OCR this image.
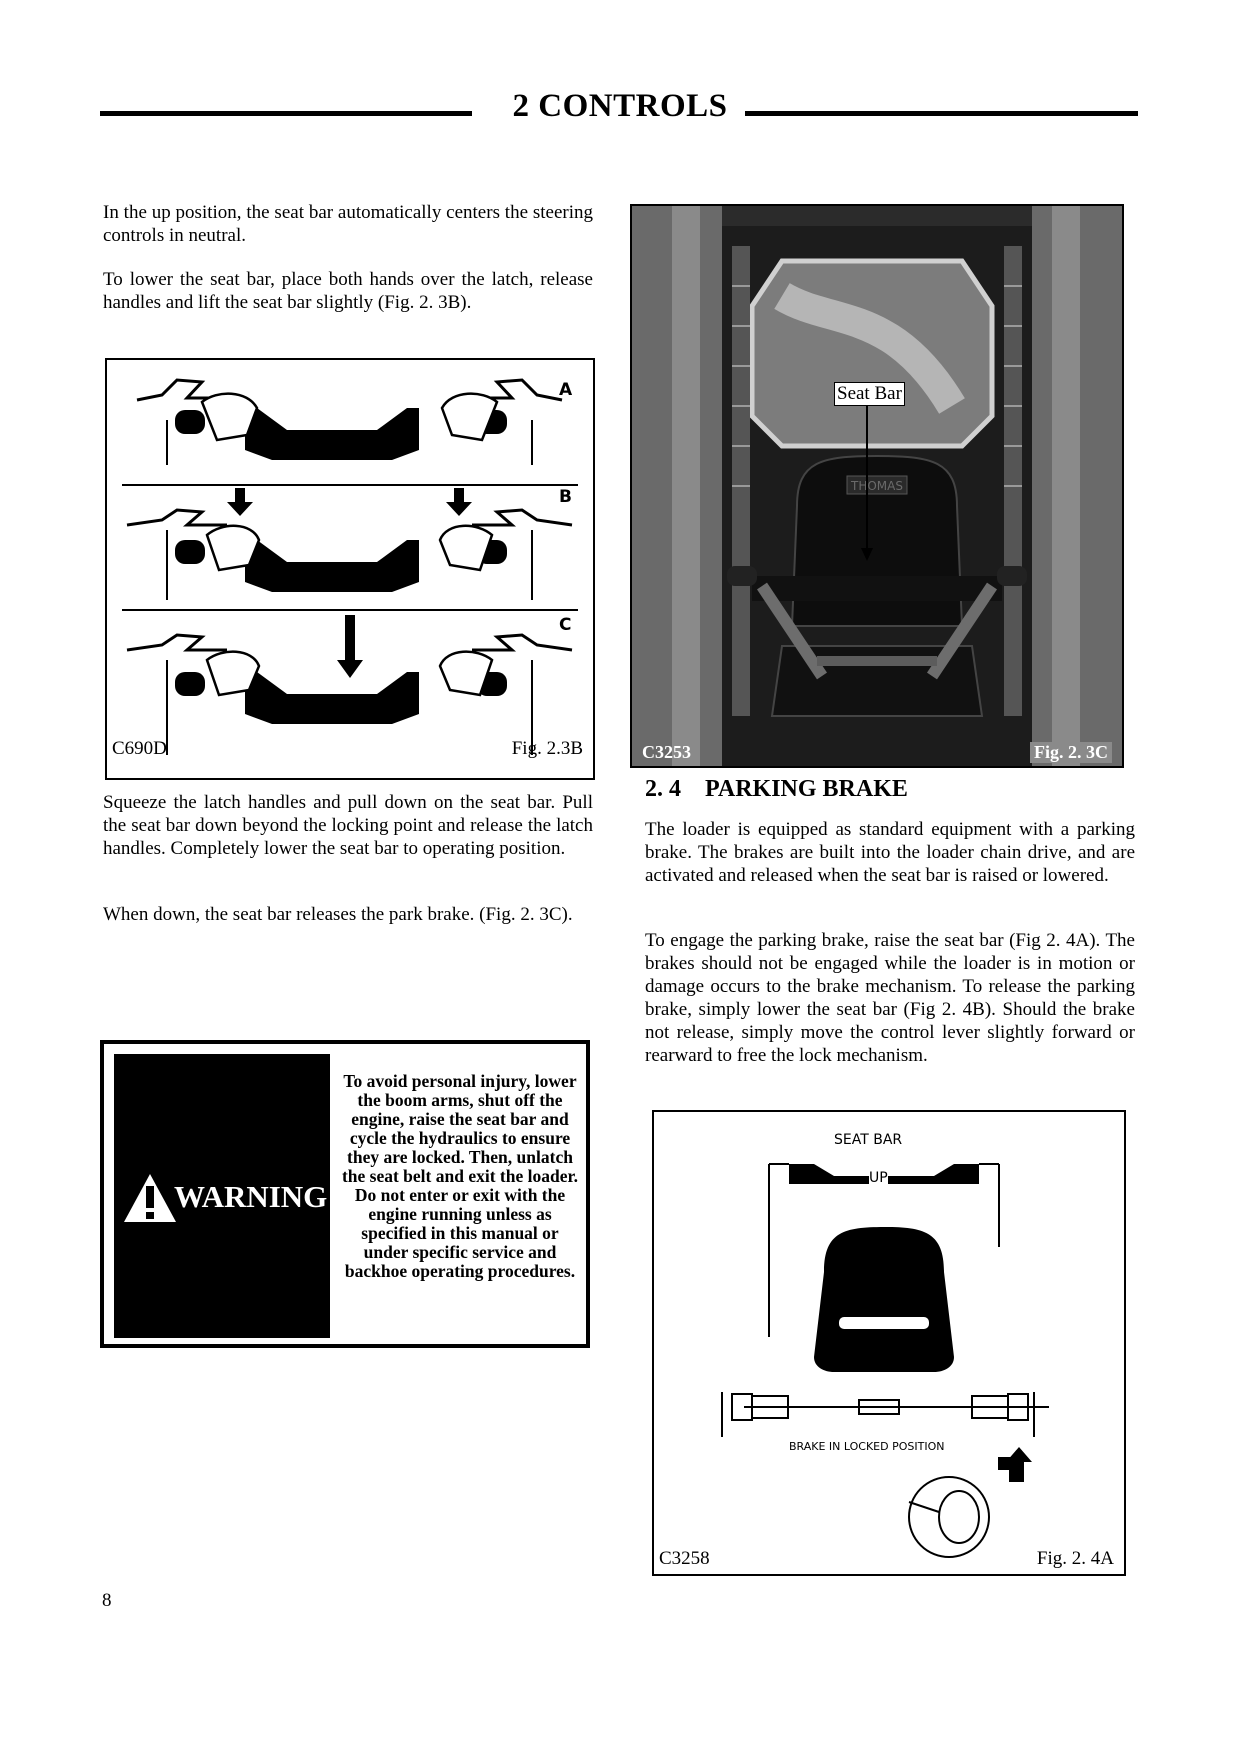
2 CONTROLS

In the up position, the seat bar automatically centers the steering controls in neutral.

To lower the seat bar, place both hands over the latch, release handles and lift the seat bar slightly (Fig. 2. 3B).

A
B
C
C690D	Fig. 2.3B

Squeeze the latch handles and pull down on the seat bar. Pull the seat bar down beyond the locking point and release the latch handles. Completely lower the seat bar to operating position.

When down, the seat bar releases the park brake. (Fig. 2. 3C).

WARNING
To avoid personal injury, lower the boom arms, shut off the engine, raise the seat bar and cycle the hydraulics to ensure they are locked. Then, unlatch the seat belt and exit the loader. Do not enter or exit with the engine running unless as specified in this manual or under specific service and backhoe operating procedures.
THOMAS
Seat Bar
C3253	Fig. 2. 3C
2. 4    PARKING BRAKE

The loader is equipped as standard equipment with a parking brake. The brakes are built into the loader chain drive, and are activated and released when the seat bar is raised or lowered.

To engage the parking brake, raise the seat bar (Fig 2. 4A). The brakes should not be engaged while the loader is in motion or damage occurs to the brake mechanism. To release the parking brake, simply lower the seat bar (Fig 2. 4B). Should the brake not release, simply move the control lever slightly forward or rearward to free the lock mechanism.

SEAT BAR
UP
BRAKE IN LOCKED POSITION
C3258	Fig. 2. 4A
8
